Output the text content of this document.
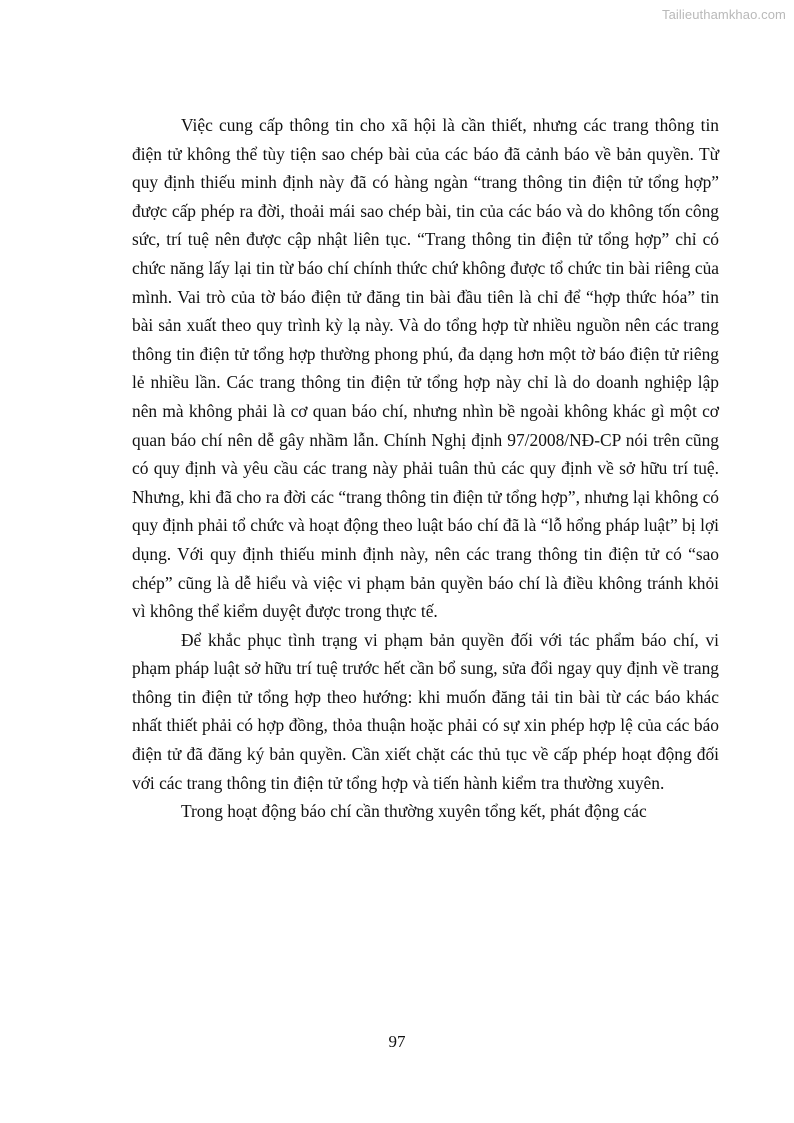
Tailieuthamkhao.com

Việc cung cấp thông tin cho xã hội là cần thiết, nhưng các trang thông tin điện tử không thể tùy tiện sao chép bài của các báo đã cảnh báo về bản quyền. Từ quy định thiếu minh định này đã có hàng ngàn “trang thông tin điện tử tổng hợp” được cấp phép ra đời, thoải mái sao chép bài, tin của các báo và do không tốn công sức, trí tuệ nên được cập nhật liên tục. “Trang thông tin điện tử tổng hợp” chỉ có chức năng lấy lại tin từ báo chí chính thức chứ không được tổ chức tin bài riêng của mình. Vai trò của tờ báo điện tử đăng tin bài đầu tiên là chỉ để “hợp thức hóa” tin bài sản xuất theo quy trình kỳ lạ này. Và do tổng hợp từ nhiều nguồn nên các trang thông tin điện tử tổng hợp thường phong phú, đa dạng hơn một tờ báo điện tử riêng lẻ nhiều lần. Các trang thông tin điện tử tổng hợp này chỉ là do doanh nghiệp lập nên mà không phải là cơ quan báo chí, nhưng nhìn bề ngoài không khác gì một cơ quan báo chí nên dễ gây nhầm lẫn. Chính Nghị định 97/2008/NĐ-CP nói trên cũng có quy định và yêu cầu các trang này phải tuân thủ các quy định về sở hữu trí tuệ. Nhưng, khi đã cho ra đời các “trang thông tin điện tử tổng hợp”, nhưng lại không có quy định phải tổ chức và hoạt động theo luật báo chí đã là “lỗ hổng pháp luật” bị lợi dụng. Với quy định thiếu minh định này, nên các trang thông tin điện tử có “sao chép” cũng là dễ hiểu và việc vi phạm bản quyền báo chí là điều không tránh khỏi vì không thể kiểm duyệt được trong thực tế.

Để khắc phục tình trạng vi phạm bản quyền đối với tác phẩm báo chí, vi phạm pháp luật sở hữu trí tuệ trước hết cần bổ sung, sửa đổi ngay quy định về trang thông tin điện tử tổng hợp theo hướng: khi muốn đăng tải tin bài từ các báo khác nhất thiết phải có hợp đồng, thỏa thuận hoặc phải có sự xin phép hợp lệ của các báo điện tử đã đăng ký bản quyền. Cần xiết chặt các thủ tục về cấp phép hoạt động đối với các trang thông tin điện tử tổng hợp và tiến hành kiểm tra thường xuyên.

Trong hoạt động báo chí cần thường xuyên tổng kết, phát động các

97
